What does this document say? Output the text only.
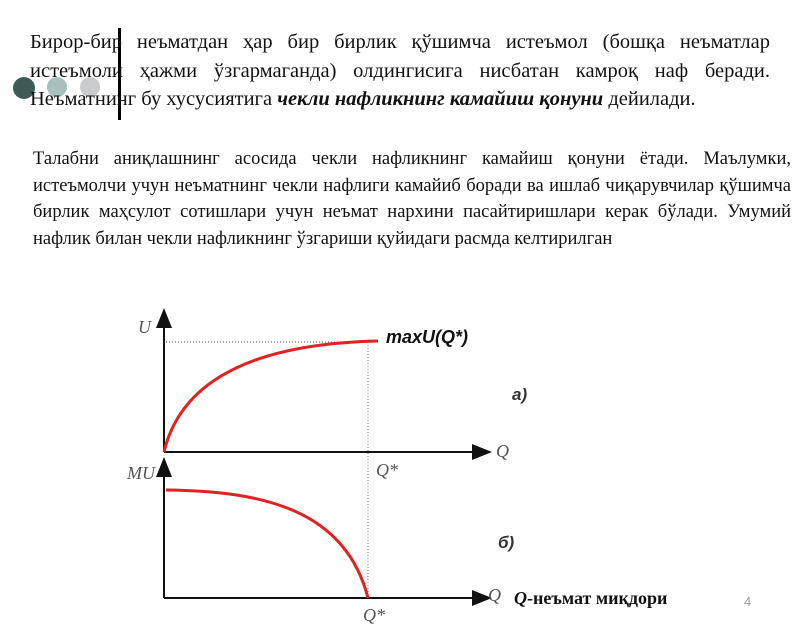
Бирор-бир неъматдан ҳар бир бирлик қўшимча истеъмол (бошқа неъматлар истеъмоли ҳажми ўзгармаганда) олдингисига нисбатан камроқ наф беради. Неъматнинг бу хусусиятига чекли нафликнинг камайиш қонуни дейилади.
Талабни аниқлашнинг асосида чекли нафликнинг камайиш қонуни ётади. Маълумки, истеъмолчи учун неъматнинг чекли нафлиги камайиб боради ва ишлаб чиқарувчилар қўшимча бирлик маҳсулот сотишлари учун неъмат нархини пасайтиришлари керак бўлади. Умумий нафлик билан чекли нафликнинг ўзгариши қуйидаги расмда келтирилган
U
Q
maxU(Q*)
а)
Q*
MU
б)
Q
Q*
Q-неъмат миқдори	4
